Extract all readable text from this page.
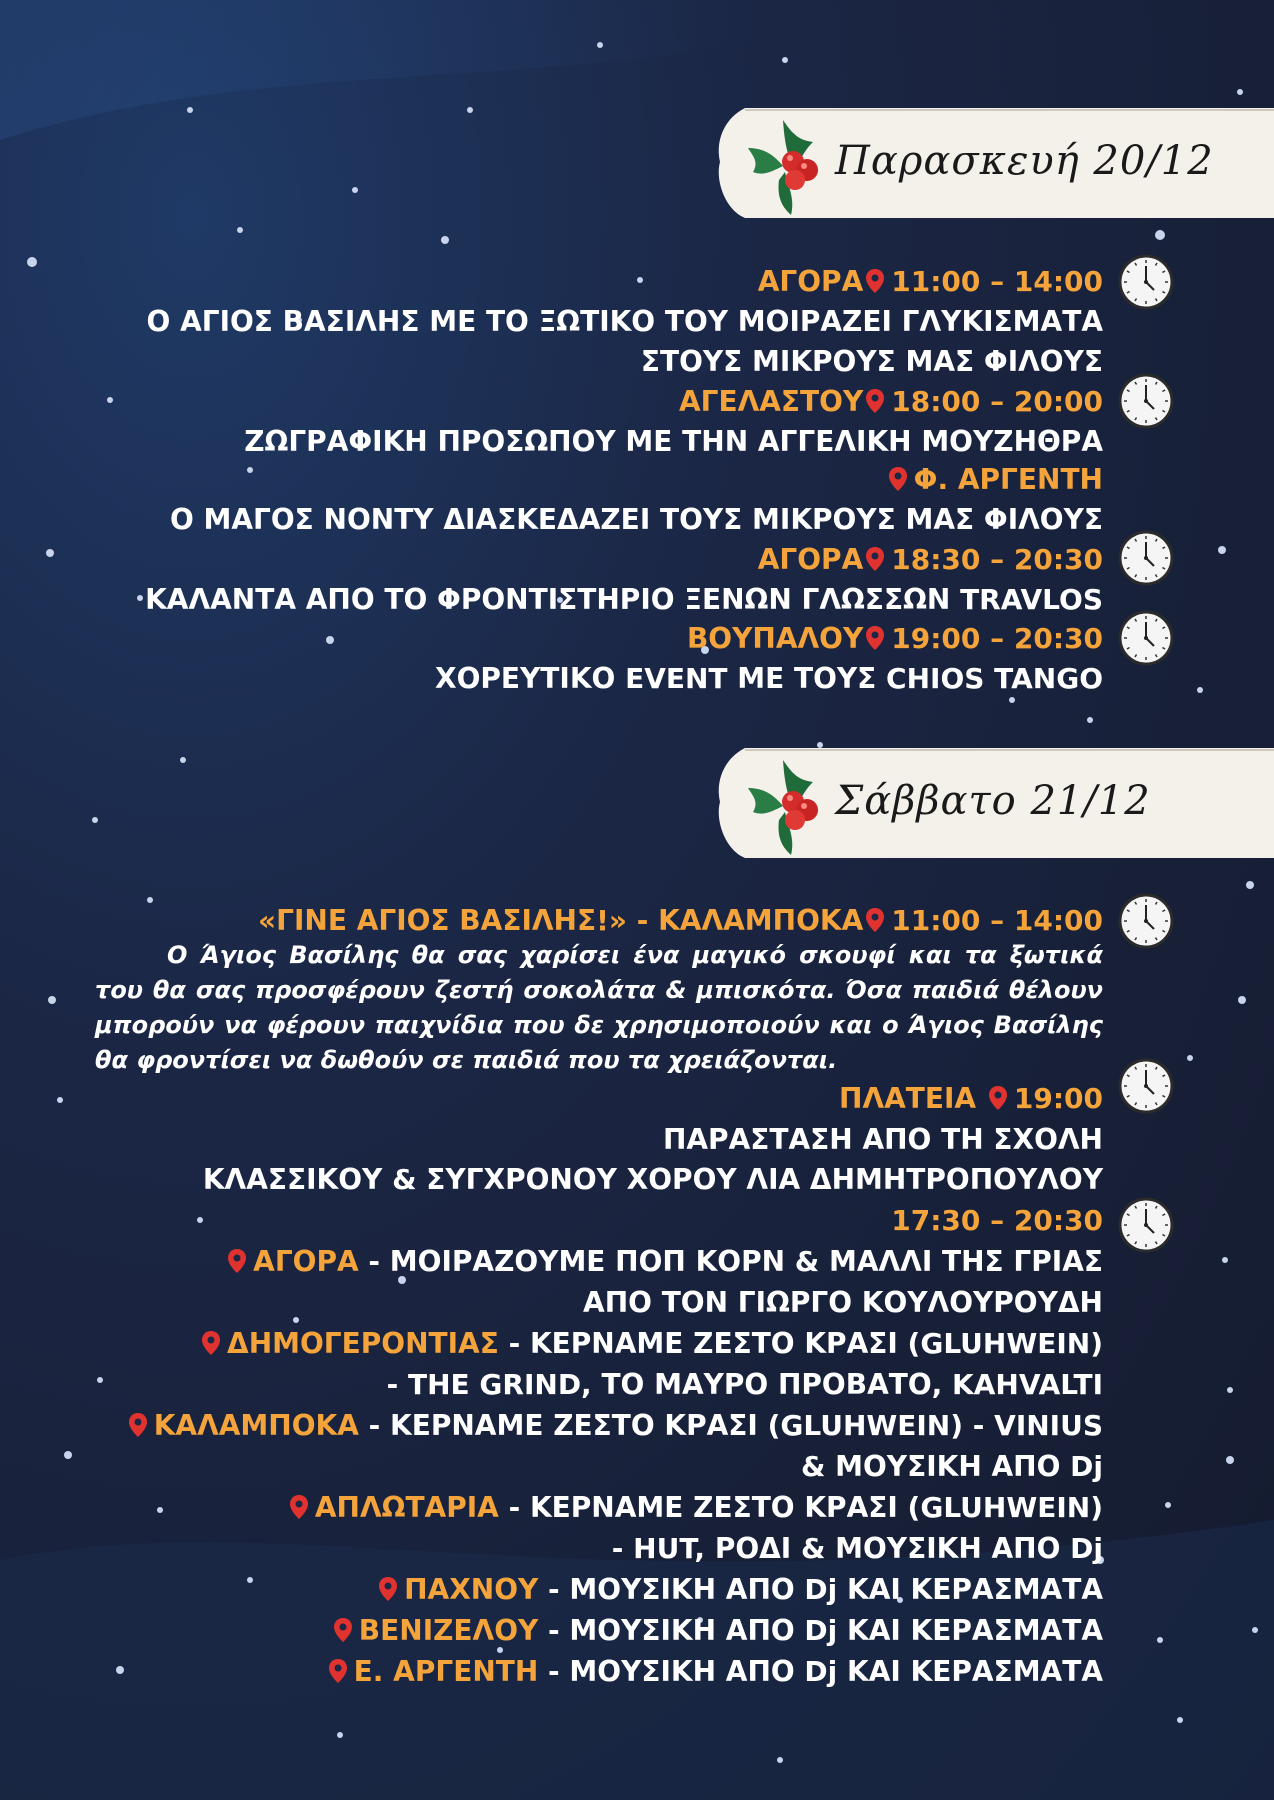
Παρασκευή 20/12
ΑΓΟΡΑ 11:00 – 14:00
Ο ΑΓΙΟΣ ΒΑΣΙΛΗΣ ΜΕ ΤΟ ΞΩΤΙΚΟ ΤΟΥ ΜΟΙΡΑΖΕΙ ΓΛΥΚΙΣΜΑΤΑ
ΣΤΟΥΣ ΜΙΚΡΟΥΣ ΜΑΣ ΦΙΛΟΥΣ
ΑΓΕΛΑΣΤΟΥ 18:00 – 20:00
ΖΩΓΡΑΦΙΚΗ ΠΡΟΣΩΠΟΥ ΜΕ ΤΗΝ ΑΓΓΕΛΙΚΗ ΜΟΥΖΗΘΡΑ
Φ. ΑΡΓΕΝΤΗ
Ο ΜΑΓΟΣ ΝΟΝΤΥ ΔΙΑΣΚΕΔΑΖΕΙ ΤΟΥΣ ΜΙΚΡΟΥΣ ΜΑΣ ΦΙΛΟΥΣ
ΑΓΟΡΑ 18:30 – 20:30
ΚΑΛΑΝΤΑ ΑΠΟ ΤΟ ΦΡΟΝΤΙΣΤΗΡΙΟ ΞΕΝΩΝ ΓΛΩΣΣΩΝ TRAVLOS
ΒΟΥΠΑΛΟΥ 19:00 – 20:30
ΧΟΡΕΥΤΙΚΟ EVENT ΜΕ ΤΟΥΣ CHIOS TANGO
Σάββατο 21/12
«ΓΙΝΕ ΑΓΙΟΣ ΒΑΣΙΛΗΣ!» - ΚΑΛΑΜΠΟΚΑ 11:00 – 14:00
Ο Άγιος Βασίλης θα σας χαρίσει ένα μαγικό σκουφί και τα ξωτικά του θα σας προσφέρουν ζεστή σοκολάτα & μπισκότα. Όσα παιδιά θέλουν μπορούν να φέρουν παιχνίδια που δε χρησιμοποιούν και ο Άγιος Βασίλης θα φροντίσει να δωθούν σε παιδιά που τα χρειάζονται.
ΠΛΑΤΕΙΑ 19:00
ΠΑΡΑΣΤΑΣΗ ΑΠΟ ΤΗ ΣΧΟΛΗ
ΚΛΑΣΣΙΚΟΥ & ΣΥΓΧΡΟΝΟΥ ΧΟΡΟΥ ΛΙΑ ΔΗΜΗΤΡΟΠΟΥΛΟΥ
17:30 – 20:30
ΑΓΟΡΑ - ΜΟΙΡΑΖΟΥΜΕ ΠΟΠ ΚΟΡΝ & ΜΑΛΛΙ ΤΗΣ ΓΡΙΑΣ
ΑΠΟ ΤΟΝ ΓΙΩΡΓΟ ΚΟΥΛΟΥΡΟΥΔΗ
ΔΗΜΟΓΕΡΟΝΤΙΑΣ - ΚΕΡΝΑΜΕ ΖΕΣΤΟ ΚΡΑΣΙ (GLUHWEIN)
- THE GRIND, ΤΟ ΜΑΥΡΟ ΠΡΟΒΑΤΟ, KAHVALTI
ΚΑΛΑΜΠΟΚΑ - ΚΕΡΝΑΜΕ ΖΕΣΤΟ ΚΡΑΣΙ (GLUHWEIN) - VINIUS
& ΜΟΥΣΙΚΗ ΑΠΟ Dj
ΑΠΛΩΤΑΡΙΑ - ΚΕΡΝΑΜΕ ΖΕΣΤΟ ΚΡΑΣΙ (GLUHWEIN)
- HUT, ΡΟΔΙ & ΜΟΥΣΙΚΗ ΑΠΟ Dj
ΠΑΧΝΟΥ - ΜΟΥΣΙΚΗ ΑΠΟ Dj ΚΑΙ ΚΕΡΑΣΜΑΤΑ
ΒΕΝΙΖΕΛΟΥ - ΜΟΥΣΙΚΗ ΑΠΟ Dj ΚΑΙ ΚΕΡΑΣΜΑΤΑ
Ε. ΑΡΓΕΝΤΗ - ΜΟΥΣΙΚΗ ΑΠΟ Dj ΚΑΙ ΚΕΡΑΣΜΑΤΑ
